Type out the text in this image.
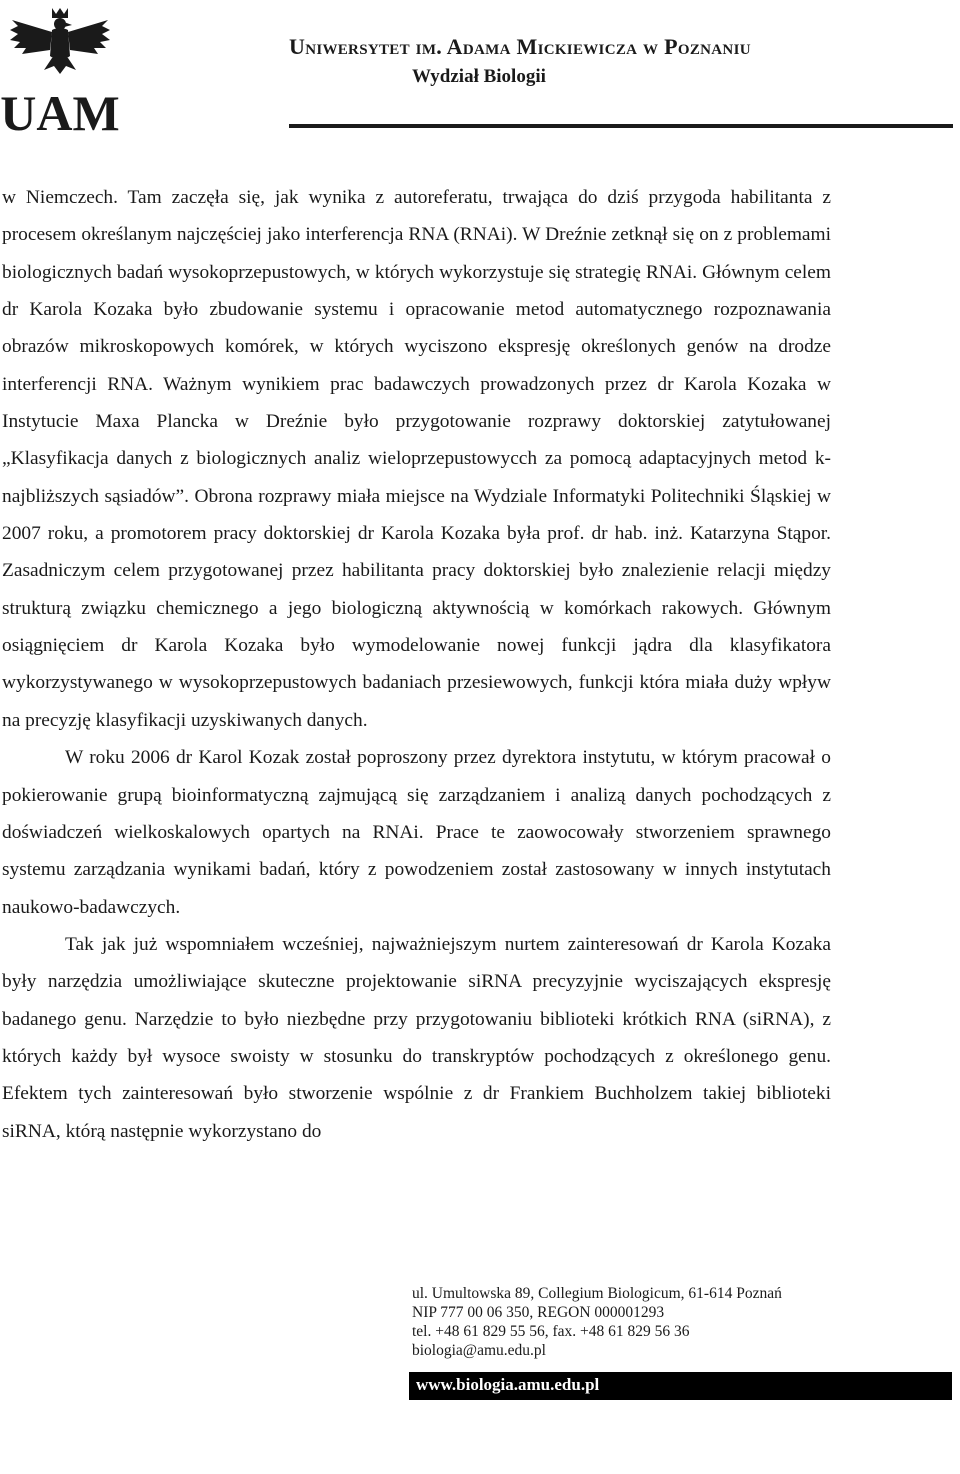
UAM
Uniwersytet im. Adama Mickiewicza w Poznaniu
Wydział Biologii

w Niemczech. Tam zaczęła się, jak wynika z autoreferatu, trwająca do dziś przygoda habilitanta z procesem określanym najczęściej jako interferencja RNA (RNAi). W Dreźnie zetknął się on z problemami biologicznych badań wysokoprzepustowych, w których wykorzystuje się strategię RNAi. Głównym celem dr Karola Kozaka było zbudowanie systemu i opracowanie metod automatycznego rozpoznawania obrazów mikroskopowych komórek, w których wyciszono ekspresję określonych genów na drodze interferencji RNA. Ważnym wynikiem prac badawczych prowadzonych przez dr Karola Kozaka w Instytucie Maxa Plancka w Dreźnie było przygotowanie rozprawy doktorskiej zatytułowanej „Klasyfikacja danych z biologicznych analiz wieloprzepustowycch za pomocą adaptacyjnych metod k-najbliższych sąsiadów”. Obrona rozprawy miała miejsce na Wydziale Informatyki Politechniki Śląskiej w 2007 roku, a promotorem pracy doktorskiej dr Karola Kozaka była prof. dr hab. inż. Katarzyna Stąpor. Zasadniczym celem przygotowanej przez habilitanta pracy doktorskiej było znalezienie relacji między strukturą związku chemicznego a jego biologiczną aktywnością w komórkach rakowych. Głównym osiągnięciem dr Karola Kozaka było wymodelowanie nowej funkcji jądra dla klasyfikatora wykorzystywanego w wysokoprzepustowych badaniach przesiewowych, funkcji która miała duży wpływ na precyzję klasyfikacji uzyskiwanych danych.

W roku 2006 dr Karol Kozak został poproszony przez dyrektora instytutu, w którym pracował o pokierowanie grupą bioinformatyczną zajmującą się zarządzaniem i analizą danych pochodzących z doświadczeń wielkoskalowych opartych na RNAi. Prace te zaowocowały stworzeniem sprawnego systemu zarządzania wynikami badań, który z powodzeniem został zastosowany w innych instytutach naukowo-badawczych.

Tak jak już wspomniałem wcześniej, najważniejszym nurtem zainteresowań dr Karola Kozaka były narzędzia umożliwiające skuteczne projektowanie siRNA precyzyjnie wyciszających ekspresję badanego genu. Narzędzie to było niezbędne przy przygotowaniu biblioteki krótkich RNA (siRNA), z których każdy był wysoce swoisty w stosunku do transkryptów pochodzących z określonego genu. Efektem tych zainteresowań było stworzenie wspólnie z dr Frankiem Buchholzem takiej biblioteki siRNA, którą następnie wykorzystano do

ul. Umultowska 89, Collegium Biologicum, 61-614 Poznań
NIP 777 00 06 350, REGON 000001293
tel. +48 61 829 55 56, fax. +48 61 829 56 36
biologia@amu.edu.pl
www.biologia.amu.edu.pl
